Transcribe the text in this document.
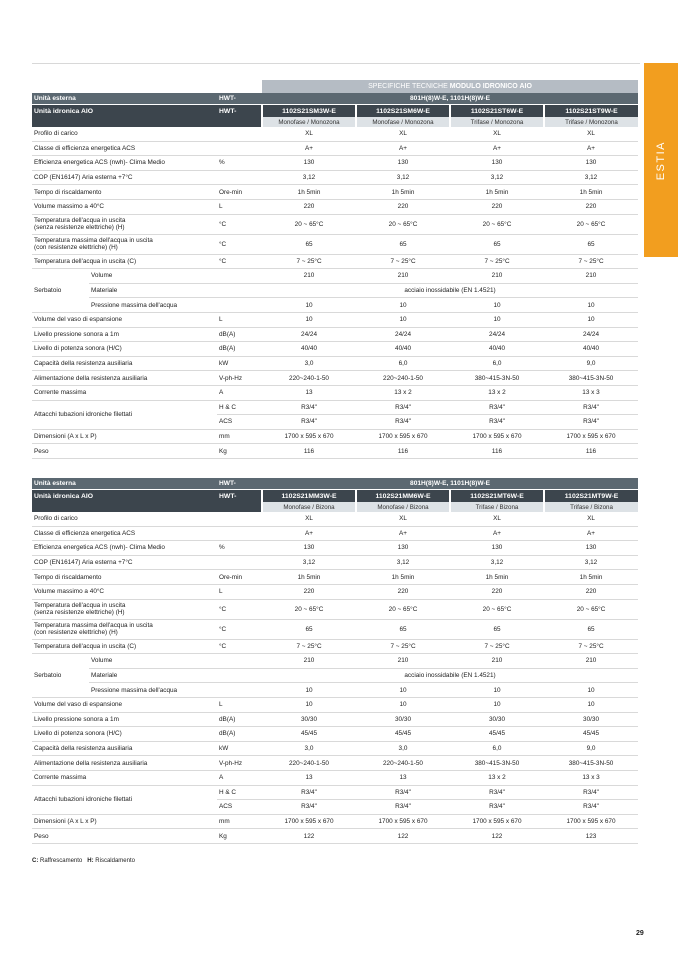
ESTIA
			SPECIFICHE TECNICHE MODULO IDRONICO AIO			
Unità esterna		HWT-	801H(8)W-E, 1101H(8)W-E			
Unità idronica AIO		HWT-	1102S21SM3W-E	1102S21SM6W-E	1102S21ST6W-E	1102S21ST9W-E
			Monofase / Monozona	Monofase / Monozona	Trifase / Monozona	Trifase / Monozona
Profilo di carico			XL	XL	XL	XL
Classe di efficienza energetica ACS			A+	A+	A+	A+
Efficienza energetica ACS (nwh)- Clima Medio		%	130	130	130	130
COP (EN16147) Aria esterna +7°C			3,12	3,12	3,12	3,12
Tempo di riscaldamento		Ore-min	1h 5min	1h 5min	1h 5min	1h 5min
Volume massimo a 40°C		L	220	220	220	220
Temperatura dell'acqua in uscita
(senza resistenze elettriche) (H)		°C	20 ~ 65°C	20 ~ 65°C	20 ~ 65°C	20 ~ 65°C
Temperatura massima dell'acqua in uscita
(con resistenze elettriche) (H)		°C	65	65	65	65
Temperatura dell'acqua in uscita (C)		°C	7 ~ 25°C	7 ~ 25°C	7 ~ 25°C	7 ~ 25°C
Serbatoio	Volume		210	210	210	210
	Materiale		acciaio inossidabile (EN 1.4521)			
	Pressione massima dell'acqua		10	10	10	10
Volume del vaso di espansione		L	10	10	10	10
Livello pressione sonora a 1m		dB(A)	24/24	24/24	24/24	24/24
Livello di potenza sonora (H/C)		dB(A)	40/40	40/40	40/40	40/40
Capacità della resistenza ausiliaria		kW	3,0	6,0	6,0	9,0
Alimentazione della resistenza ausiliaria		V-ph-Hz	220~240-1-50	220~240-1-50	380~415-3N-50	380~415-3N-50
Corrente massima		A	13	13 x 2	13 x 2	13 x 3
Attacchi tubazioni idroniche filettati		H & C	R3/4"	R3/4"	R3/4"	R3/4"
		ACS	R3/4"	R3/4"	R3/4"	R3/4"
Dimensioni (A x L x P)		mm	1700 x 595 x 670	1700 x 595 x 670	1700 x 595 x 670	1700 x 595 x 670
Peso		Kg	116	116	116	116
Unità esterna		HWT-	801H(8)W-E, 1101H(8)W-E			
Unità idronica AIO		HWT-	1102S21MM3W-E	1102S21MM6W-E	1102S21MT6W-E	1102S21MT9W-E
			Monofase / Bizona	Monofase / Bizona	Trifase / Bizona	Trifase / Bizona
Profilo di carico			XL	XL	XL	XL
Classe di efficienza energetica ACS			A+	A+	A+	A+
Efficienza energetica ACS (nwh)- Clima Medio		%	130	130	130	130
COP (EN16147) Aria esterna +7°C			3,12	3,12	3,12	3,12
Tempo di riscaldamento		Ore-min	1h 5min	1h 5min	1h 5min	1h 5min
Volume massimo a 40°C		L	220	220	220	220
Temperatura dell'acqua in uscita
(senza resistenze elettriche) (H)		°C	20 ~ 65°C	20 ~ 65°C	20 ~ 65°C	20 ~ 65°C
Temperatura massima dell'acqua in uscita
(con resistenze elettriche) (H)		°C	65	65	65	65
Temperatura dell'acqua in uscita (C)		°C	7 ~ 25°C	7 ~ 25°C	7 ~ 25°C	7 ~ 25°C
Serbatoio	Volume		210	210	210	210
	Materiale		acciaio inossidabile (EN 1.4521)			
	Pressione massima dell'acqua		10	10	10	10
Volume del vaso di espansione		L	10	10	10	10
Livello pressione sonora a 1m		dB(A)	30/30	30/30	30/30	30/30
Livello di potenza sonora (H/C)		dB(A)	45/45	45/45	45/45	45/45
Capacità della resistenza ausiliaria		kW	3,0	3,0	6,0	9,0
Alimentazione della resistenza ausiliaria		V-ph-Hz	220~240-1-50	220~240-1-50	380~415-3N-50	380~415-3N-50
Corrente massima		A	13	13	13 x 2	13 x 3
Attacchi tubazioni idroniche filettati		H & C	R3/4"	R3/4"	R3/4"	R3/4"
		ACS	R3/4"	R3/4"	R3/4"	R3/4"
Dimensioni (A x L x P)		mm	1700 x 595 x 670	1700 x 595 x 670	1700 x 595 x 670	1700 x 595 x 670
Peso		Kg	122	122	122	123
C: Raffrescamento H: Riscaldamento
29
